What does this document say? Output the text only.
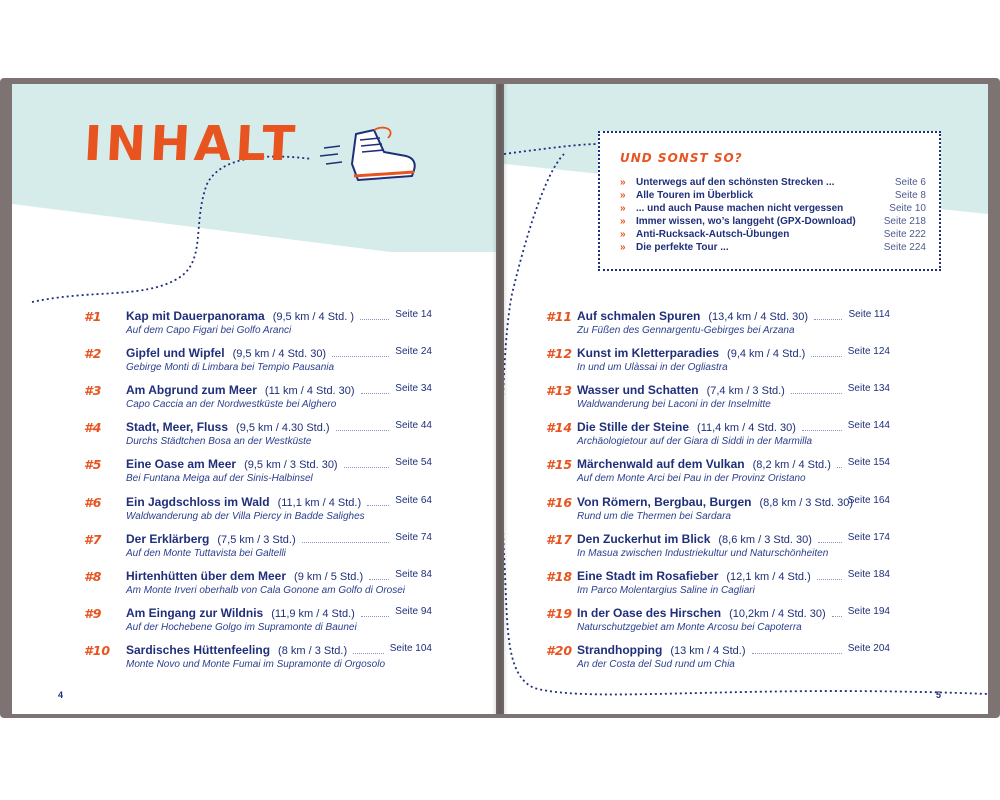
INHALT
4
UND SONST SO?
» Unterwegs auf den schönsten Strecken ...	Seite 6
» Alle Touren im Überblick	Seite 8
» ... und auch Pause machen nicht vergessen	Seite 10
» Immer wissen, wo’s langgeht (GPX-Download)	Seite 218
» Anti-Rucksack-Autsch-Übungen	Seite 222
» Die perfekte Tour ...	Seite 224
5
#1 Kap mit Dauerpanorama (9,5 km / 4 Std. )
Auf dem Capo Figari bei Golfo Aranci
Seite 14
#2 Gipfel und Wipfel (9,5 km / 4 Std. 30)
Gebirge Monti di Limbara bei Tempio Pausania
Seite 24
#3 Am Abgrund zum Meer (11 km / 4 Std. 30)
Capo Caccia an der Nordwestküste bei Alghero
Seite 34
#4 Stadt, Meer, Fluss (9,5 km / 4.30 Std.)
Durchs Städtchen Bosa an der Westküste
Seite 44
#5 Eine Oase am Meer (9,5 km / 3 Std. 30)
Bei Funtana Meiga auf der Sinis-Halbinsel
Seite 54
#6 Ein Jagdschloss im Wald (11,1 km / 4 Std.)
Waldwanderung ab der Villa Piercy in Badde Salighes
Seite 64
#7 Der Erklärberg (7,5 km / 3 Std.)
Auf den Monte Tuttavista bei Galtelli
Seite 74
#8 Hirtenhütten über dem Meer (9 km / 5 Std.)
Am Monte Irveri oberhalb von Cala Gonone am Golfo di Orosei
Seite 84
#9 Am Eingang zur Wildnis (11,9 km / 4 Std.)
Auf der Hochebene Golgo im Supramonte di Baunei
Seite 94
#10 Sardisches Hüttenfeeling (8 km / 3 Std.)
Monte Novo und Monte Fumai im Supramonte di Orgosolo
Seite 104
#11 Auf schmalen Spuren (13,4 km / 4 Std. 30)
Zu Füßen des Gennargentu-Gebirges bei Arzana
Seite 114
#12 Kunst im Kletterparadies (9,4 km / 4 Std.)
In und um Ulàssai in der Ogliastra
Seite 124
#13 Wasser und Schatten (7,4 km / 3 Std.)
Waldwanderung bei Laconi in der Inselmitte
Seite 134
#14 Die Stille der Steine (11,4 km / 4 Std. 30)
Archäologietour auf der Giara di Siddi in der Marmilla
Seite 144
#15 Märchenwald auf dem Vulkan (8,2 km / 4 Std.)
Auf dem Monte Arci bei Pau in der Provinz Oristano
Seite 154
#16 Von Römern, Bergbau, Burgen (8,8 km / 3 Std. 30)
Rund um die Thermen bei Sardara
Seite 164
#17 Den Zuckerhut im Blick (8,6 km / 3 Std. 30)
In Masua zwischen Industriekultur und Naturschönheiten
Seite 174
#18 Eine Stadt im Rosafieber (12,1 km / 4 Std.)
Im Parco Molentargius Saline in Cagliari
Seite 184
#19 In der Oase des Hirschen (10,2km / 4 Std. 30)
Naturschutzgebiet am Monte Arcosu bei Capoterra
Seite 194
#20 Strandhopping (13 km / 4 Std.)
An der Costa del Sud rund um Chia
Seite 204
